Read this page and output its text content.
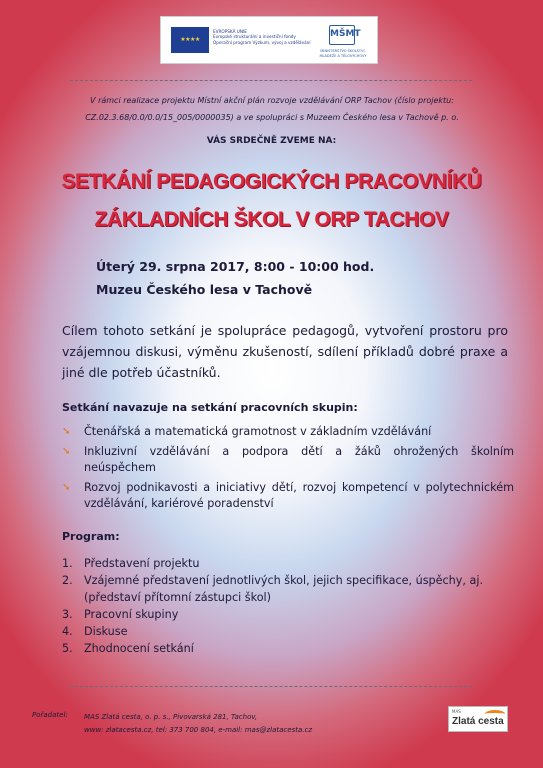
★★★★
EVROPSKÁ UNIE
Evropské strukturální a investiční fondy
Operační program Výzkum, vývoj a vzdělávání
MŠMT
MINISTERSTVO ŠKOLSTVÍ, MLÁDEŽE A TĚLOVÝCHOVY
V rámci realizace projektu Místní akční plán rozvoje vzdělávání ORP Tachov (číslo projektu:
CZ.02.3.68/0.0/0.0/15_005/0000035) a ve spolupráci s Muzeem Českého lesa v Tachově p. o.
VÁS SRDEČNĚ ZVEME NA:
SETKÁNÍ PEDAGOGICKÝCH PRACOVNÍKŮ
ZÁKLADNÍCH ŠKOL V ORP TACHOV
Úterý 29. srpna 2017, 8:00 - 10:00 hod.
Muzeu Českého lesa v Tachově
Cílem tohoto setkání je spolupráce pedagogů, vytvoření prostoru pro vzájemnou diskusi, výměnu zkušeností, sdílení příkladů dobré praxe a jiné dle potřeb účastníků.
Setkání navazuje na setkání pracovních skupin:
➘	Čtenářská a matematická gramotnost v základním vzdělávání
➘	Inkluzivní vzdělávání a podpora dětí a žáků ohrožených školním neúspěchem
➘	Rozvoj podnikavosti a iniciativy dětí, rozvoj kompetencí v polytechnickém vzdělávání, kariérové poradenství
Program:
1. Představení projektu
2. Vzájemné představení jednotlivých škol, jejich specifikace, úspěchy, aj. (představí přítomní zástupci škol)
3. Pracovní skupiny
4. Diskuse
5. Zhodnocení setkání
Pořadatel: MAS Zlatá cesta, o. p. s., Pivovarská 281, Tachov,
www: zlatacesta.cz, tel: 373 700 804, e-mail: mas@zlatacesta.cz
MAS
Zlatá cesta
